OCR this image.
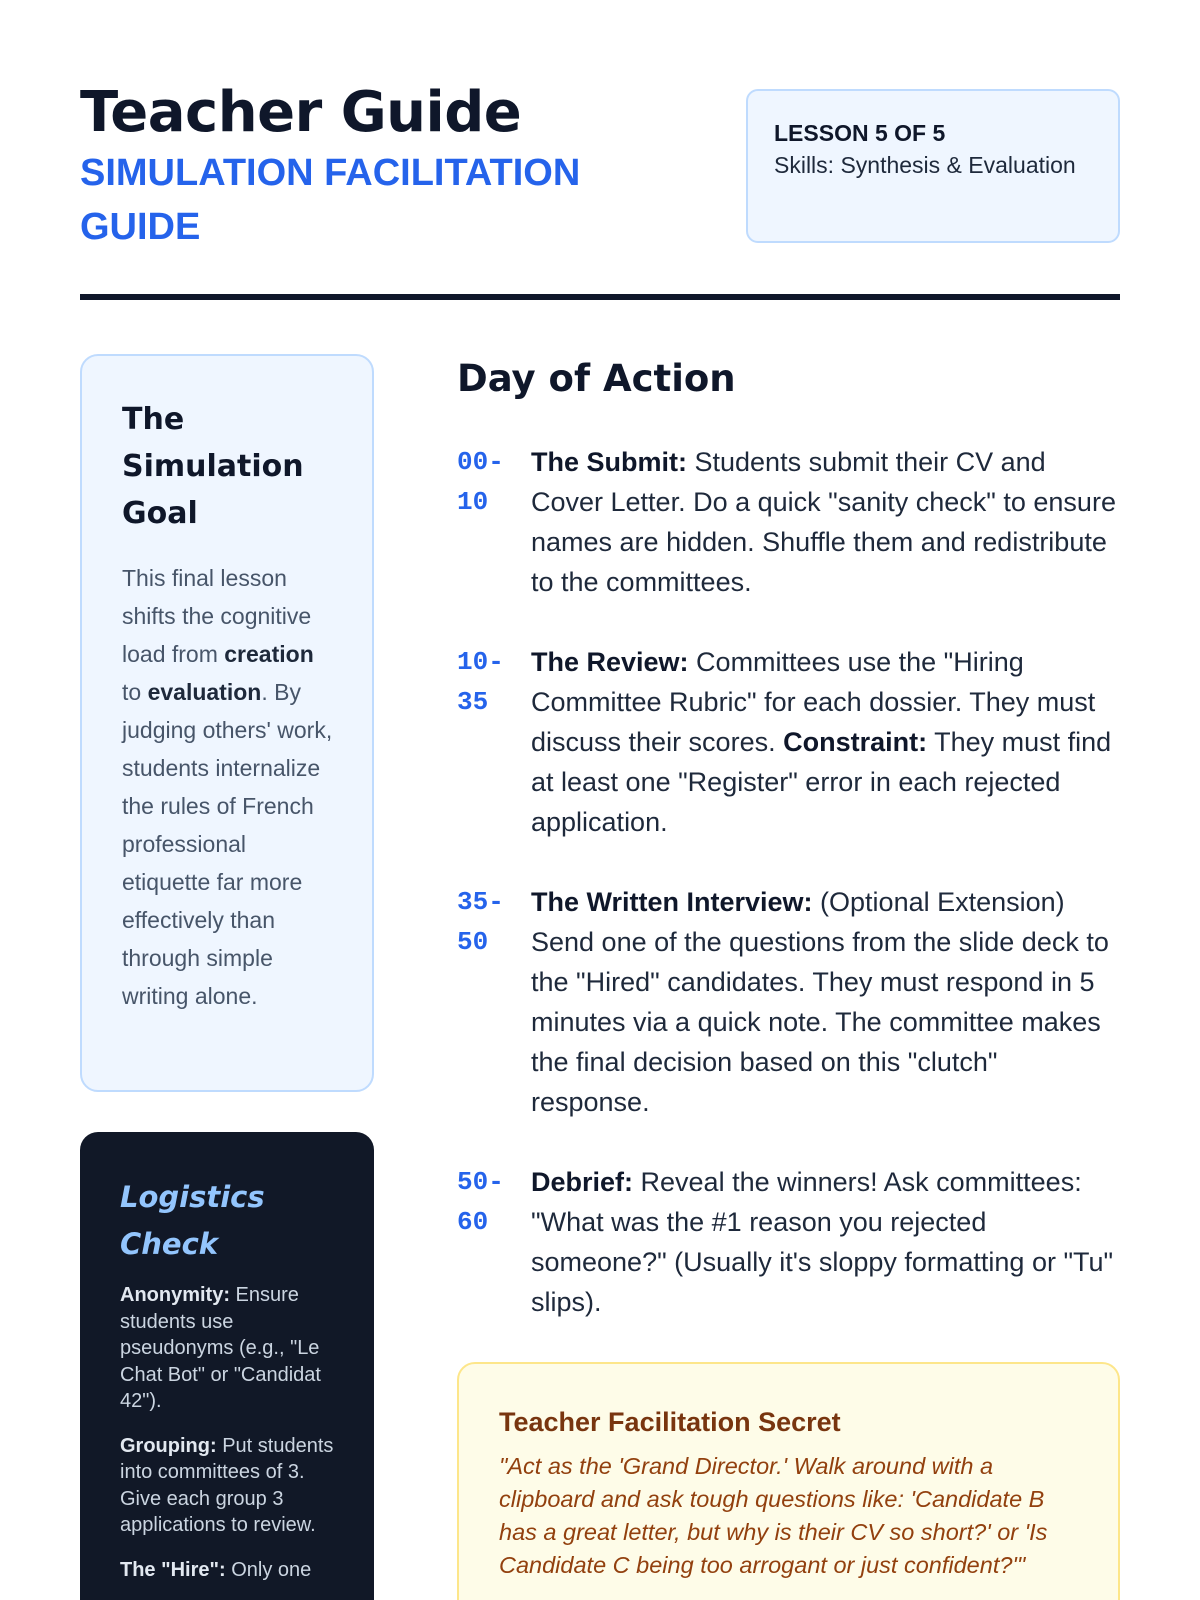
Teacher Guide
SIMULATION FACILITATION GUIDE
LESSON 5 OF 5
Skills: Synthesis & Evaluation
The Simulation Goal
This final lesson shifts the cognitive load from creation to evaluation. By judging others' work, students internalize the rules of French professional etiquette far more effectively than through simple writing alone.
Logistics Check
Anonymity: Ensure students use pseudonyms (e.g., "Le Chat Bot" or "Candidat 42").
Grouping: Put students into committees of 3. Give each group 3 applications to review.
The "Hire": Only one
Day of Action
00-10
The Submit: Students submit their CV and Cover Letter. Do a quick "sanity check" to ensure names are hidden. Shuffle them and redistribute to the committees.
10-35
The Review: Committees use the "Hiring Committee Rubric" for each dossier. They must discuss their scores. Constraint: They must find at least one "Register" error in each rejected application.
35-50
The Written Interview: (Optional Extension) Send one of the questions from the slide deck to the "Hired" candidates. They must respond in 5 minutes via a quick note. The committee makes the final decision based on this "clutch" response.
50-60
Debrief: Reveal the winners! Ask committees: "What was the #1 reason you rejected someone?" (Usually it's sloppy formatting or "Tu" slips).
Teacher Facilitation Secret
"Act as the 'Grand Director.' Walk around with a clipboard and ask tough questions like: 'Candidate B has a great letter, but why is their CV so short?' or 'Is Candidate C being too arrogant or just confident?'"
